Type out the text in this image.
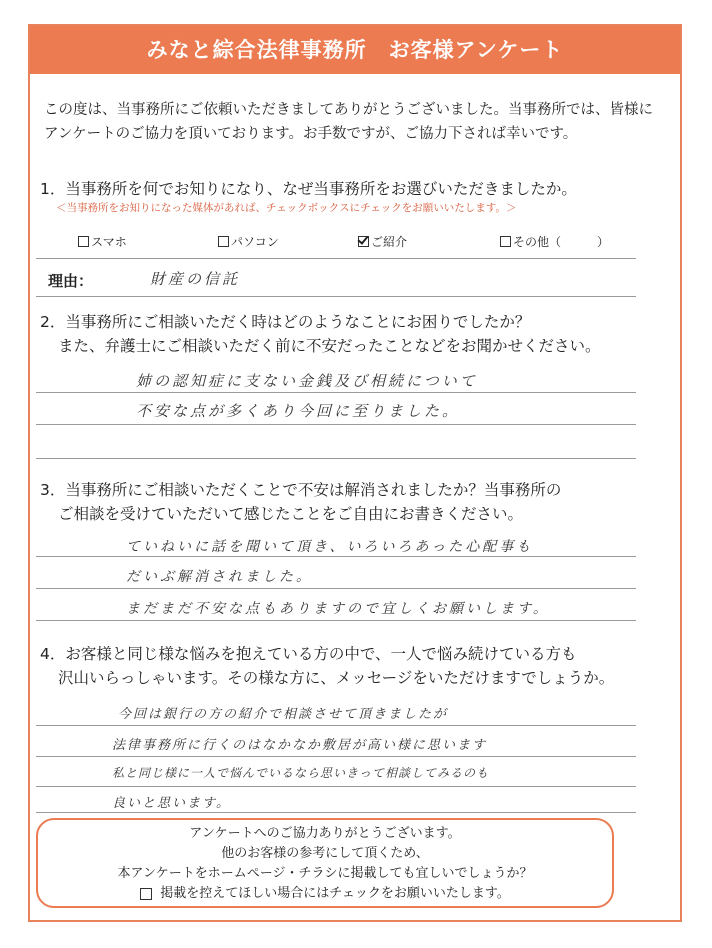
みなと綜合法律事務所　お客様アンケート
この度は、当事務所にご依頼いただきましてありがとうございました。当事務所では、皆様に
アンケートのご協力を頂いております。お手数ですが、ご協力下されば幸いです。
1．当事務所を何でお知りになり、なぜ当事務所をお選びいただきましたか。
＜当事務所をお知りになった媒体があれば、チェックボックスにチェックをお願いいたします。＞
スマホ	パソコン	ご紹介	その他（　　　）
理由：	財産の信託
2．当事務所にご相談いただく時はどのようなことにお困りでしたか？
また、弁護士にご相談いただく前に不安だったことなどをお聞かせください。
姉の認知症に支ない金銭及び相続について
不安な点が多くあり今回に至りました。
3．当事務所にご相談いただくことで不安は解消されましたか？当事務所の
ご相談を受けていただいて感じたことをご自由にお書きください。
ていねいに話を聞いて頂き、いろいろあった心配事も
だいぶ解消されました。
まだまだ不安な点もありますので宜しくお願いします。
4．お客様と同じ様な悩みを抱えている方の中で、一人で悩み続けている方も
沢山いらっしゃいます。その様な方に、メッセージをいただけますでしょうか。
今回は銀行の方の紹介で相談させて頂きましたが
法律事務所に行くのはなかなか敷居が高い様に思います
私と同じ様に一人で悩んでいるなら思いきって相談してみるのも
良いと思います。
アンケートへのご協力ありがとうございます。
他のお客様の参考にして頂くため、
本アンケートをホームページ・チラシに掲載しても宜しいでしょうか？
掲載を控えてほしい場合にはチェックをお願いいたします。
